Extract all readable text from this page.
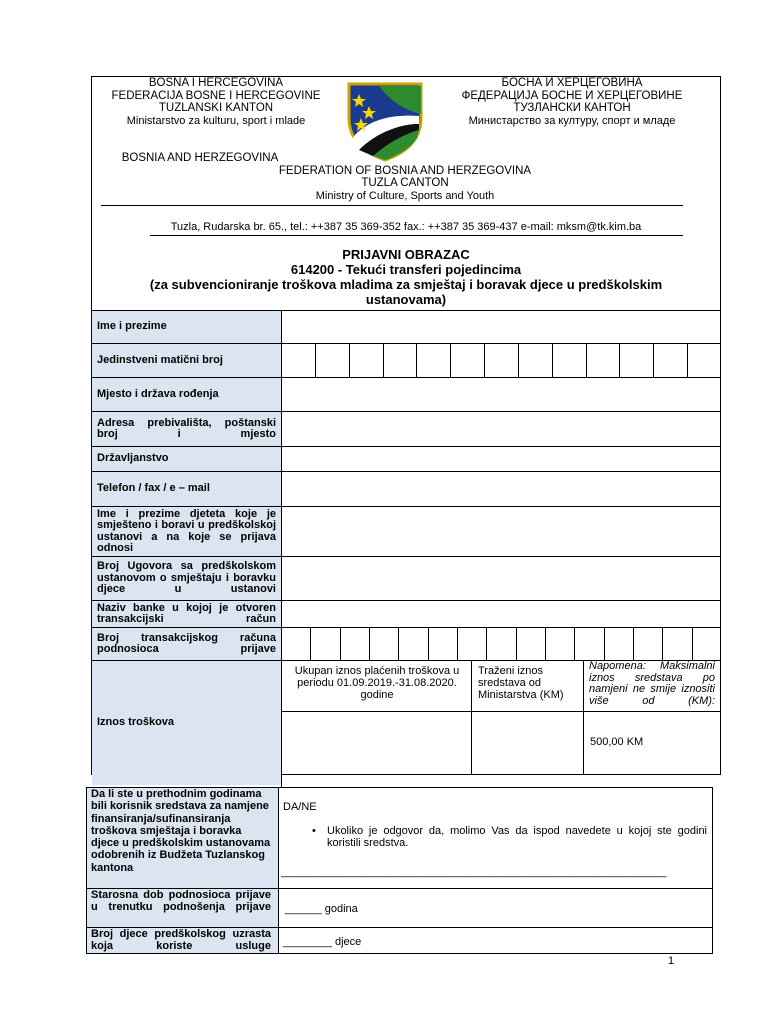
BOSNA I HERCEGOVINA
FEDERACIJA BOSNE I HERCEGOVINE
TUZLANSKI KANTON
Ministarstvo za kulturu, sport i mlade
БОСНА И ХЕРЦЕГОВИНА
ФЕДЕРАЦИЈА БОСНЕ И ХЕРЦЕГОВИНЕ
ТУЗЛАНСКИ КАНТОН
Министарство за културу, спорт и младе
BOSNIA AND HERZEGOVINA
FEDERATION OF BOSNIA AND HERZEGOVINA
TUZLA CANTON
Ministry of Culture, Sports and Youth
Tuzla, Rudarska br. 65., tel.: ++387 35 369-352 fax.: ++387 35 369-437 e-mail: mksm@tk.kim.ba
PRIJAVNI OBRAZAC
614200 - Tekući transferi pojedincima
(za subvencioniranje troškova mladima za smještaj i boravak djece u predškolskim
ustanovama)
Ime i prezime
Jedinstveni matični broj
Mjesto i država rođenja
Adresa prebivališta, poštanski broj i mjesto
Državljanstvo
Telefon / fax / e – mail
Ime i prezime djeteta koje je smješteno i boravi u predškolskoj ustanovi a na koje se prijava odnosi
Broj Ugovora sa predškolskom ustanovom o smještaju i boravku djece u ustanovi
Naziv banke u kojoj je otvoren transakcijski račun
Broj transakcijskog računa podnosioca prijave
Iznos troškova
Ukupan iznos plaćenih troškova u periodu 01.09.2019.-31.08.2020. godine
Traženi iznos sredstava od Ministarstva (KM)
Napomena: Maksimalni iznos sredstava po namjeni ne smije iznositi više od (KM):
500,00 KM
Da li ste u prethodnim godinama bili korisnik sredstava za namjene finansiranja/sufinansiranja troškova smještaja i boravka djece u predškolskim ustanovama odobrenih iz Budžeta Tuzlanskog kantona
DA/NE
•	Ukoliko je odgovor da, molimo Vas da ispod navedete u kojoj ste godini koristili sredstva.
_______________________________________________________________
Starosna dob podnosioca prijave u trenutku podnošenja prijave ______ godina
Broj djece predškolskog uzrasta koja koriste usluge ________ djece
1
